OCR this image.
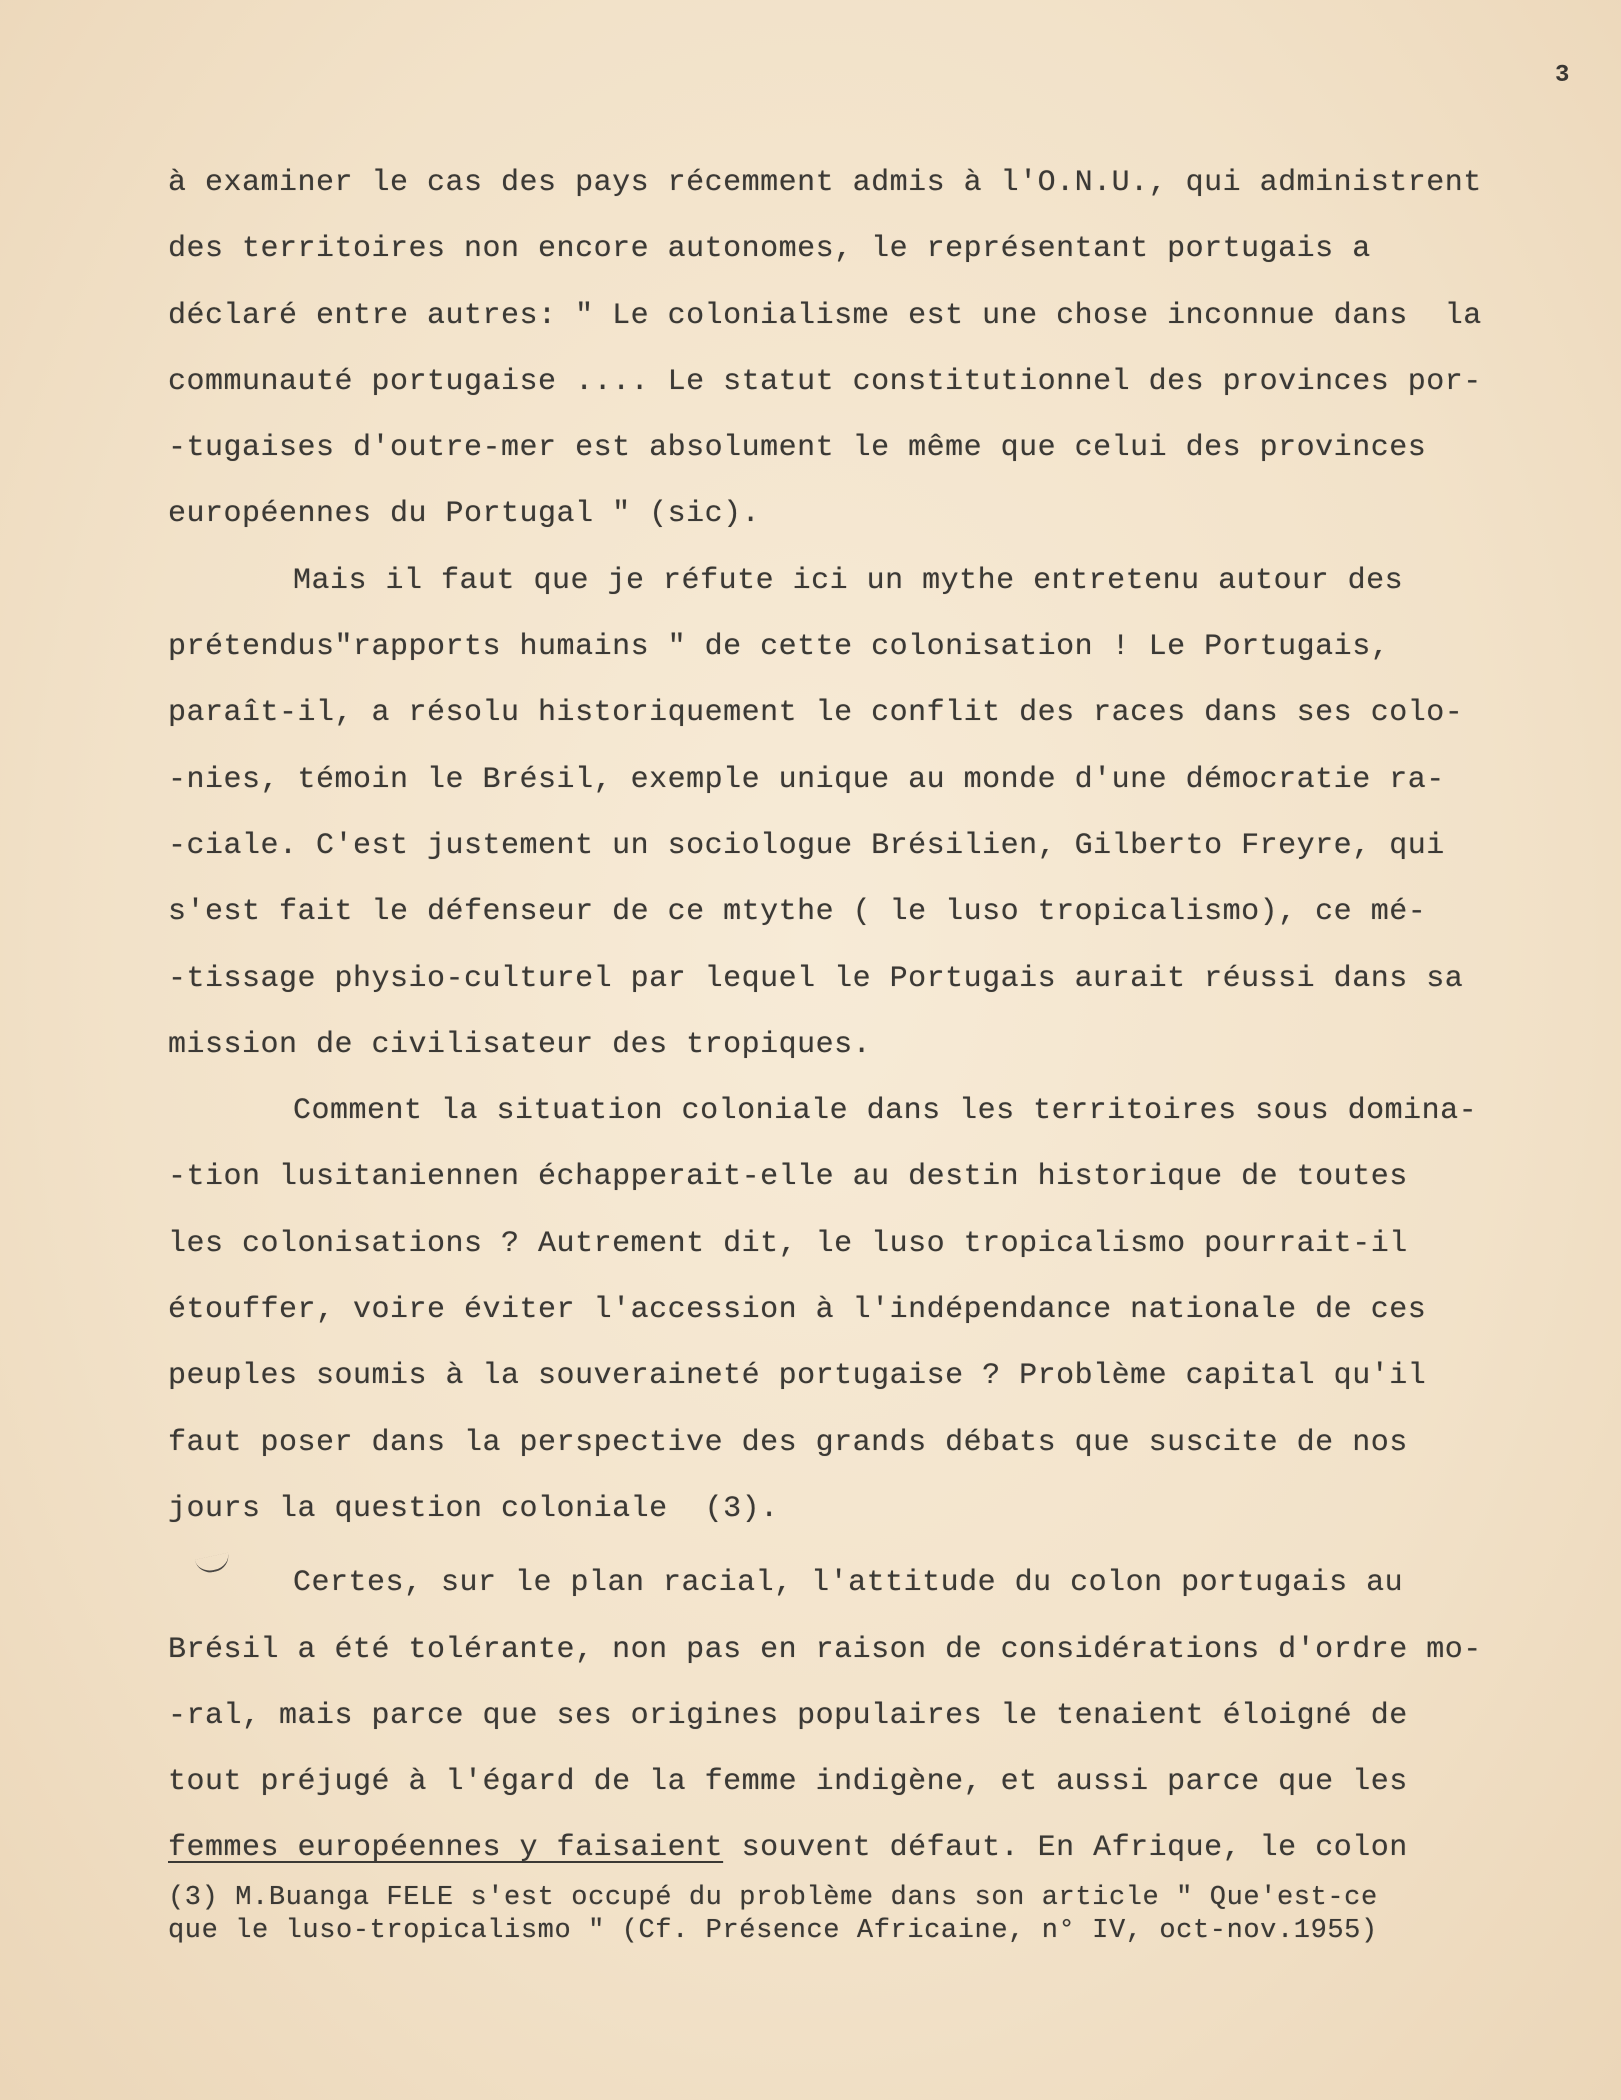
3
à examiner le cas des pays récemment admis à l'O.N.U., qui administrent
des territoires non encore autonomes, le représentant portugais a
déclaré entre autres: " Le colonialisme est une chose inconnue dans  la
communauté portugaise .... Le statut constitutionnel des provinces por-
-tugaises d'outre-mer est absolument le même que celui des provinces
européennes du Portugal " (sic).
Mais il faut que je réfute ici un mythe entretenu autour des
prétendus"rapports humains " de cette colonisation ! Le Portugais,
paraît-il, a résolu historiquement le conflit des races dans ses colo-
-nies, témoin le Brésil, exemple unique au monde d'une démocratie ra-
-ciale. C'est justement un sociologue Brésilien, Gilberto Freyre, qui
s'est fait le défenseur de ce mtythe ( le luso tropicalismo), ce mé-
-tissage physio-culturel par lequel le Portugais aurait réussi dans sa
mission de civilisateur des tropiques.
Comment la situation coloniale dans les territoires sous domina-
-tion lusitaniennen échapperait-elle au destin historique de toutes
les colonisations ? Autrement dit, le luso tropicalismo pourrait-il
étouffer, voire éviter l'accession à l'indépendance nationale de ces
peuples soumis à la souveraineté portugaise ? Problème capital qu'il
faut poser dans la perspective des grands débats que suscite de nos
jours la question coloniale  (3).
Certes, sur le plan racial, l'attitude du colon portugais au
Brésil a été tolérante, non pas en raison de considérations d'ordre mo-
-ral, mais parce que ses origines populaires le tenaient éloigné de
tout préjugé à l'égard de la femme indigène, et aussi parce que les
femmes européennes y faisaient souvent défaut. En Afrique, le colon
(3) M.Buanga FELE s'est occupé du problème dans son article " Que'est-ce
que le luso-tropicalismo " (Cf. Présence Africaine, n° IV, oct-nov.1955)
